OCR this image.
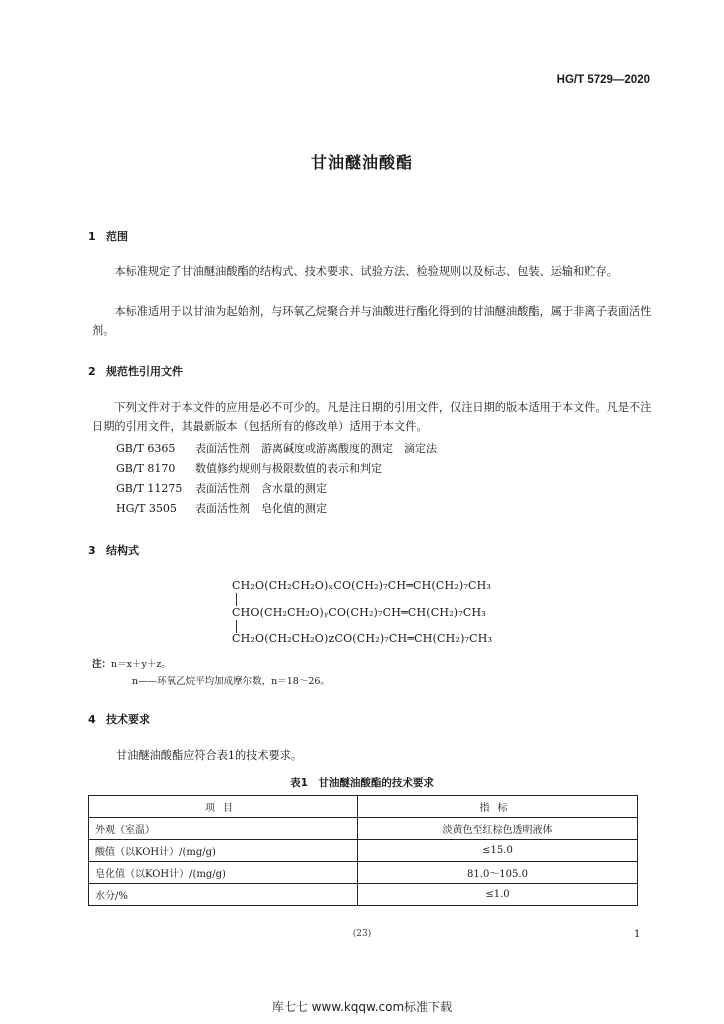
HG/T 5729—2020
甘油醚油酸酯
1 范围
本标准规定了甘油醚油酸酯的结构式、技术要求、试验方法、检验规则以及标志、包装、运输和贮存。
本标准适用于以甘油为起始剂，与环氧乙烷聚合并与油酸进行酯化得到的甘油醚油酸酯，属于非离子表面活性剂。
2 规范性引用文件
下列文件对于本文件的应用是必不可少的。凡是注日期的引用文件，仅注日期的版本适用于本文件。凡是不注日期的引用文件，其最新版本（包括所有的修改单）适用于本文件。
GB/T 6365 表面活性剂　游离碱度或游离酸度的测定　滴定法
GB/T 8170 数值修约规则与极限数值的表示和判定
GB/T 11275 表面活性剂　含水量的测定
HG/T 3505 表面活性剂　皂化值的测定
3 结构式
CH₂O(CH₂CH₂O)ₓCO(CH₂)₇CH═CH(CH₂)₇CH₃
CHO(CH₂CH₂O)ᵧCO(CH₂)₇CH═CH(CH₂)₇CH₃
CH₂O(CH₂CH₂O)zCO(CH₂)₇CH═CH(CH₂)₇CH₃
注：n＝x＋y＋z。
n——环氧乙烷平均加成摩尔数，n＝18～26。
4 技术要求
甘油醚油酸酯应符合表1的技术要求。
表1　甘油醚油酸酯的技术要求
项目	指标
外观（室温）	淡黄色至红棕色透明液体
酸值（以KOH计）/(mg/g)	≤15.0
皂化值（以KOH计）/(mg/g)	81.0～105.0
水分/%	≤1.0
(23)	1
库七七 www.kqqw.com标准下载
